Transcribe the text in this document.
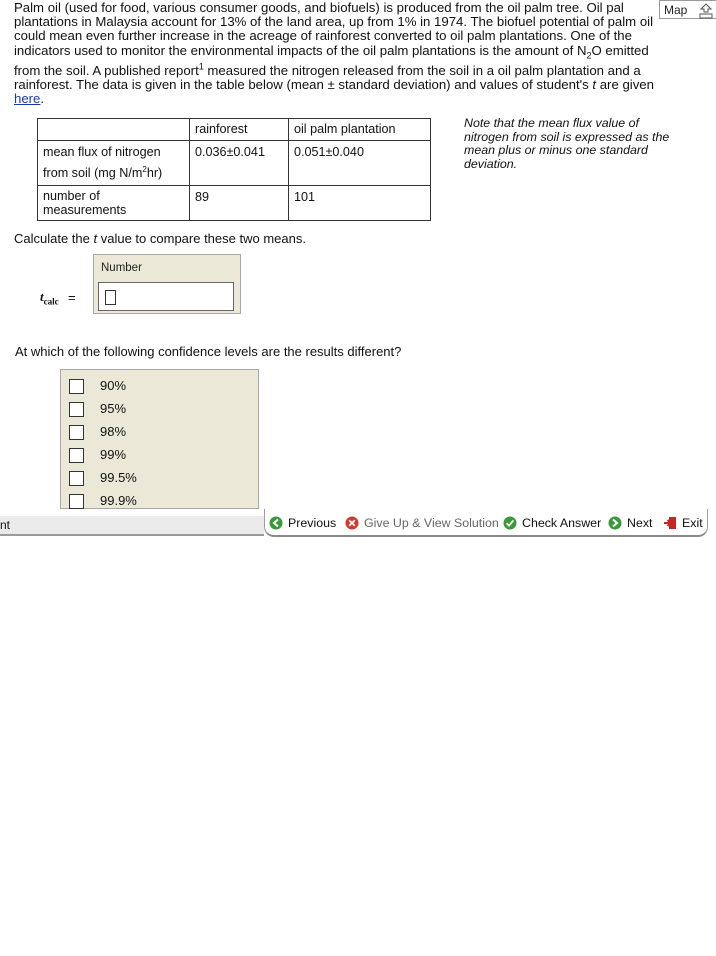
Palm oil (used for food, various consumer goods, and biofuels) is produced from the oil palm tree. Oil pal
plantations in Malaysia account for 13% of the land area, up from 1% in 1974. The biofuel potential of palm oil
could mean even further increase in the acreage of rainforest converted to oil palm plantations. One of the
indicators used to monitor the environmental impacts of the oil palm plantations is the amount of $N_2O$ emitted
from the soil. A published report$^1$ measured the nitrogen released from the soil in a oil palm plantation and a
rainforest. The data is given in the table below (mean ± standard deviation) and values of student's t are given
here.
Map
	rainforest	oil palm plantation
mean flux of nitrogen
from soil (mg $N/m^2hr$)	0.036±0.041	0.051±0.040
number of
measurements	89	101
Note that the mean flux value of nitrogen from soil is expressed as the mean plus or minus one standard deviation.
Calculate the t value to compare these two means.
$t_{calc}$ =
Number
At which of the following confidence levels are the results different?
90%
95%
98%
99%
99.5%
99.9%
nt	Previous Give Up & View Solution Check Answer Next Exit
